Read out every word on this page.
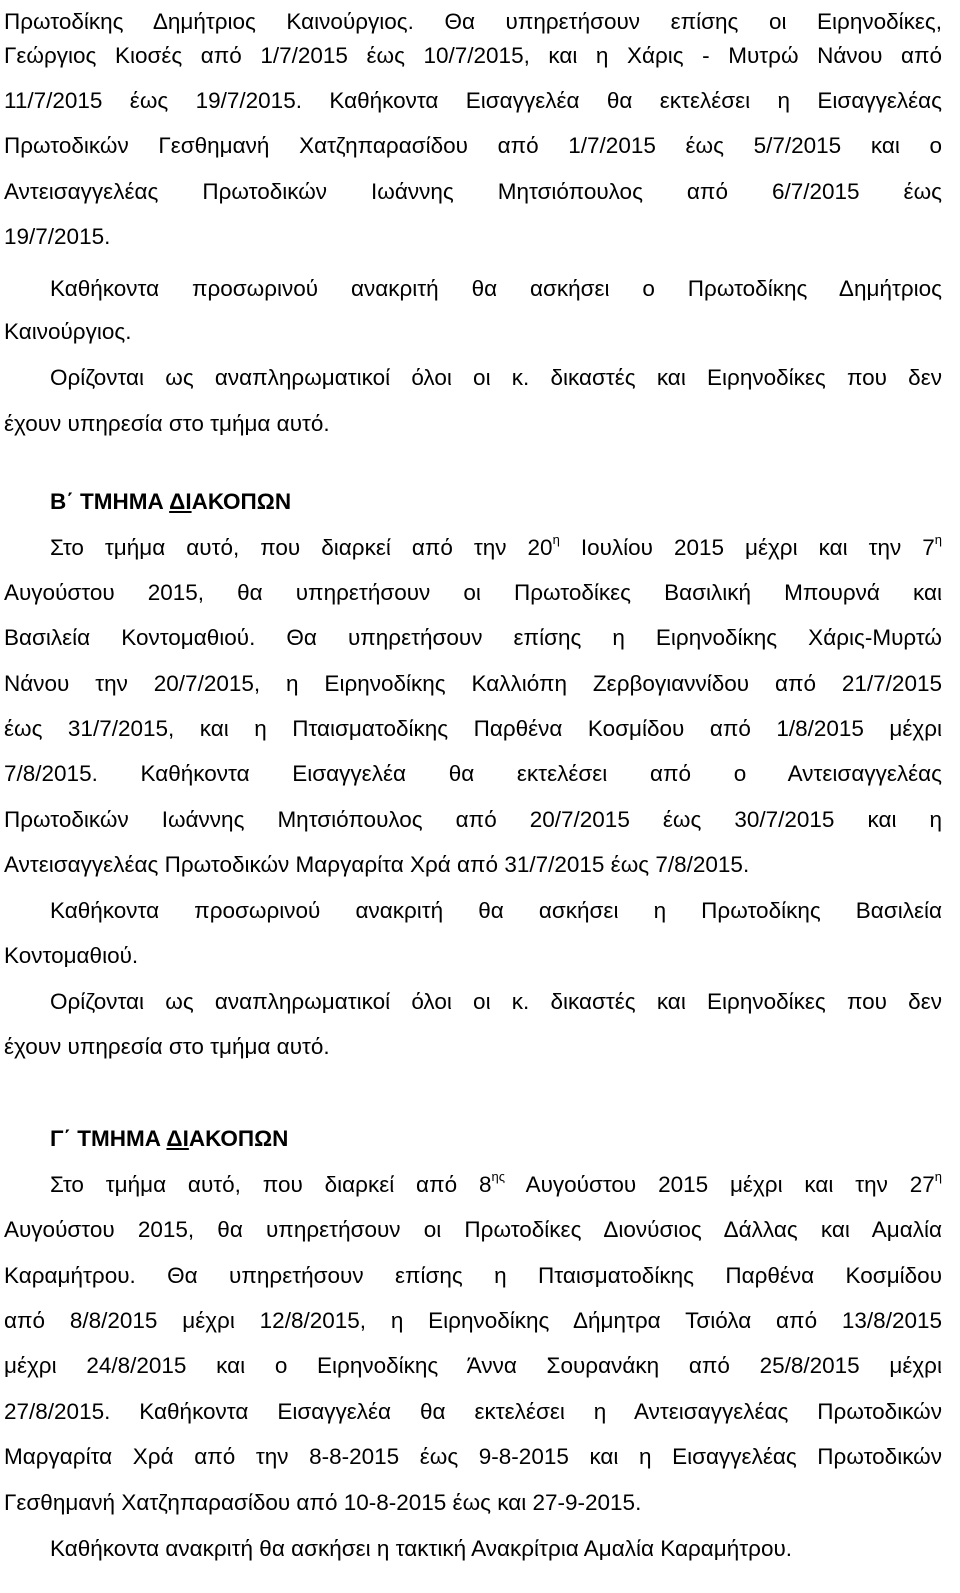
Πρωτοδίκης Δημήτριος Καινούργιος. Θα υπηρετήσουν επίσης οι Ειρηνοδίκες,
Γεώργιος Κιοσές από 1/7/2015 έως 10/7/2015, και η Χάρις - Μυτρώ Νάνου από
11/7/2015 έως 19/7/2015. Καθήκοντα Εισαγγελέα θα εκτελέσει η Εισαγγελέας
Πρωτοδικών Γεσθημανή Χατζηπαρασίδου από 1/7/2015 έως 5/7/2015 και ο
Αντεισαγγελέας Πρωτοδικών Ιωάννης Μητσιόπουλος από 6/7/2015 έως
19/7/2015.
Καθήκοντα προσωρινού ανακριτή θα ασκήσει ο Πρωτοδίκης Δημήτριος
Καινούργιος.
Ορίζονται ως αναπληρωματικοί όλοι οι κ. δικαστές και Ειρηνοδίκες που δεν
έχουν υπηρεσία στο τμήμα αυτό.
Β΄ ΤΜΗΜΑ ΔΙΑΚΟΠΩΝ
Στο τμήμα αυτό, που διαρκεί από την $20^\eta$ Ιουλίου 2015 μέχρι και την $7^\eta$
Αυγούστου 2015, θα υπηρετήσουν οι Πρωτοδίκες Βασιλική Μπουρνά και
Βασιλεία Κοντομαθιού. Θα υπηρετήσουν επίσης η Ειρηνοδίκης Χάρις-Μυρτώ
Νάνου την 20/7/2015, η Ειρηνοδίκης Καλλιόπη Ζερβογιαννίδου από 21/7/2015
έως 31/7/2015, και η Πταισματοδίκης Παρθένα Κοσμίδου από 1/8/2015 μέχρι
7/8/2015. Καθήκοντα Εισαγγελέα θα εκτελέσει από ο Αντεισαγγελέας
Πρωτοδικών Ιωάννης Μητσιόπουλος από 20/7/2015 έως 30/7/2015 και η
Αντεισαγγελέας Πρωτοδικών Μαργαρίτα Χρά από 31/7/2015 έως 7/8/2015.
Καθήκοντα προσωρινού ανακριτή θα ασκήσει η Πρωτοδίκης Βασιλεία
Κοντομαθιού.
Ορίζονται ως αναπληρωματικοί όλοι οι κ. δικαστές και Ειρηνοδίκες που δεν
έχουν υπηρεσία στο τμήμα αυτό.
Γ΄ ΤΜΗΜΑ ΔΙΑΚΟΠΩΝ
Στο τμήμα αυτό, που διαρκεί από $8^{\eta\varsigma}$ Αυγούστου 2015 μέχρι και την $27^\eta$
Αυγούστου 2015, θα υπηρετήσουν οι Πρωτοδίκες Διονύσιος Δάλλας και Αμαλία
Καραμήτρου. Θα υπηρετήσουν επίσης η Πταισματοδίκης Παρθένα Κοσμίδου
από 8/8/2015 μέχρι 12/8/2015, η Ειρηνοδίκης Δήμητρα Τσιόλα από 13/8/2015
μέχρι 24/8/2015 και ο Ειρηνοδίκης Άννα Σουρανάκη από 25/8/2015 μέχρι
27/8/2015. Καθήκοντα Εισαγγελέα θα εκτελέσει η Αντεισαγγελέας Πρωτοδικών
Μαργαρίτα Χρά από την 8-8-2015 έως 9-8-2015 και η Εισαγγελέας Πρωτοδικών
Γεσθημανή Χατζηπαρασίδου από 10-8-2015 έως και 27-9-2015.
Καθήκοντα ανακριτή θα ασκήσει η τακτική Ανακρίτρια Αμαλία Καραμήτρου.
